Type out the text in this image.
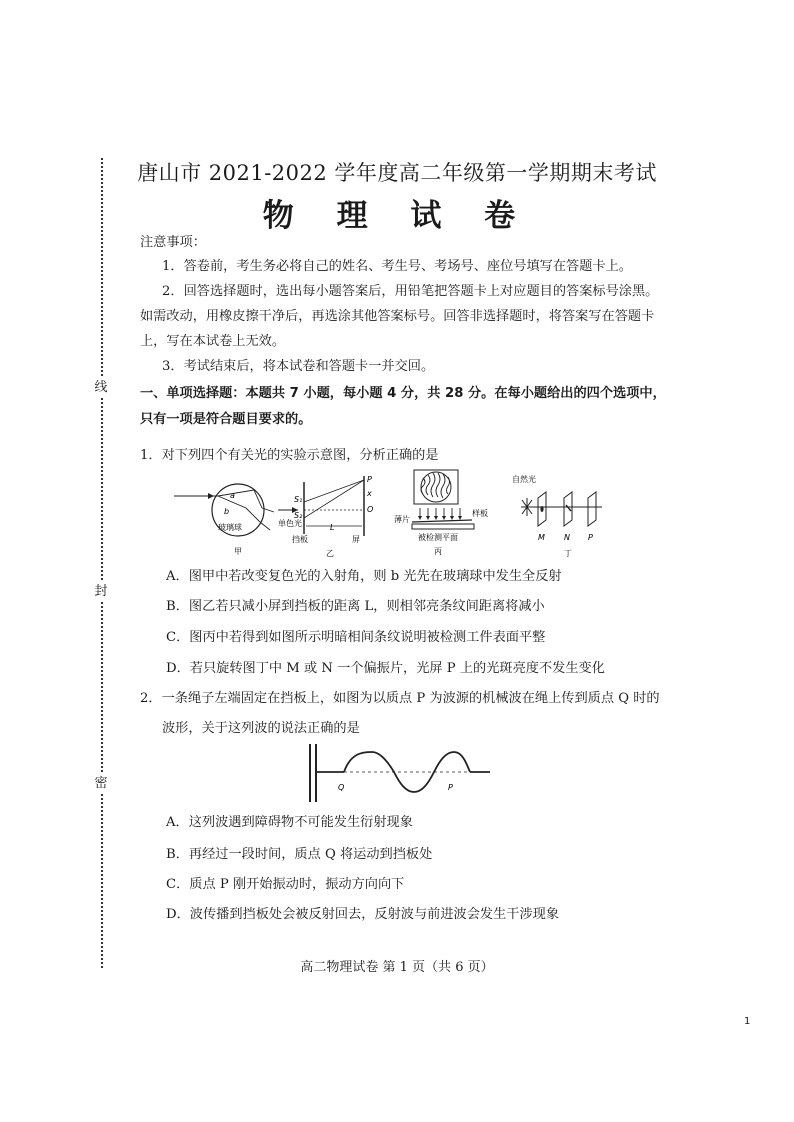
线
封
密
唐山市 2021-2022 学年度高二年级第一学期期末考试
物 理 试 卷
注意事项：
1．答卷前，考生务必将自己的姓名、考生号、考场号、座位号填写在答题卡上。
2．回答选择题时，选出每小题答案后，用铅笔把答题卡上对应题目的答案标号涂黑。
如需改动，用橡皮擦干净后，再选涂其他答案标号。回答非选择题时，将答案写在答题卡
上，写在本试卷上无效。
3．考试结束后，将本试卷和答题卡一并交回。
一、单项选择题：本题共 7 小题，每小题 4 分，共 28 分。在每小题给出的四个选项中，
只有一项是符合题目要求的。
1．对下列四个有关光的实验示意图，分析正确的是
a
b
玻璃球
甲
S₁
S₂
单色光
P
x
O
L
挡板	屏
乙
薄片
样板
被检测平面
丙
自然光
M N P
丁
A．图甲中若改变复色光的入射角，则 b 光先在玻璃球中发生全反射
B．图乙若只减小屏到挡板的距离 L，则相邻亮条纹间距离将减小
C．图丙中若得到如图所示明暗相间条纹说明被检测工件表面平整
D．若只旋转图丁中 M 或 N 一个偏振片，光屏 P 上的光斑亮度不发生变化
2．一条绳子左端固定在挡板上，如图为以质点 P 为波源的机械波在绳上传到质点 Q 时的
波形，关于这列波的说法正确的是
Q	P
A．这列波遇到障碍物不可能发生衍射现象
B．再经过一段时间，质点 Q 将运动到挡板处
C．质点 P 刚开始振动时，振动方向向下
D．波传播到挡板处会被反射回去，反射波与前进波会发生干涉现象
高二物理试卷 第 1 页（共 6 页）
1
